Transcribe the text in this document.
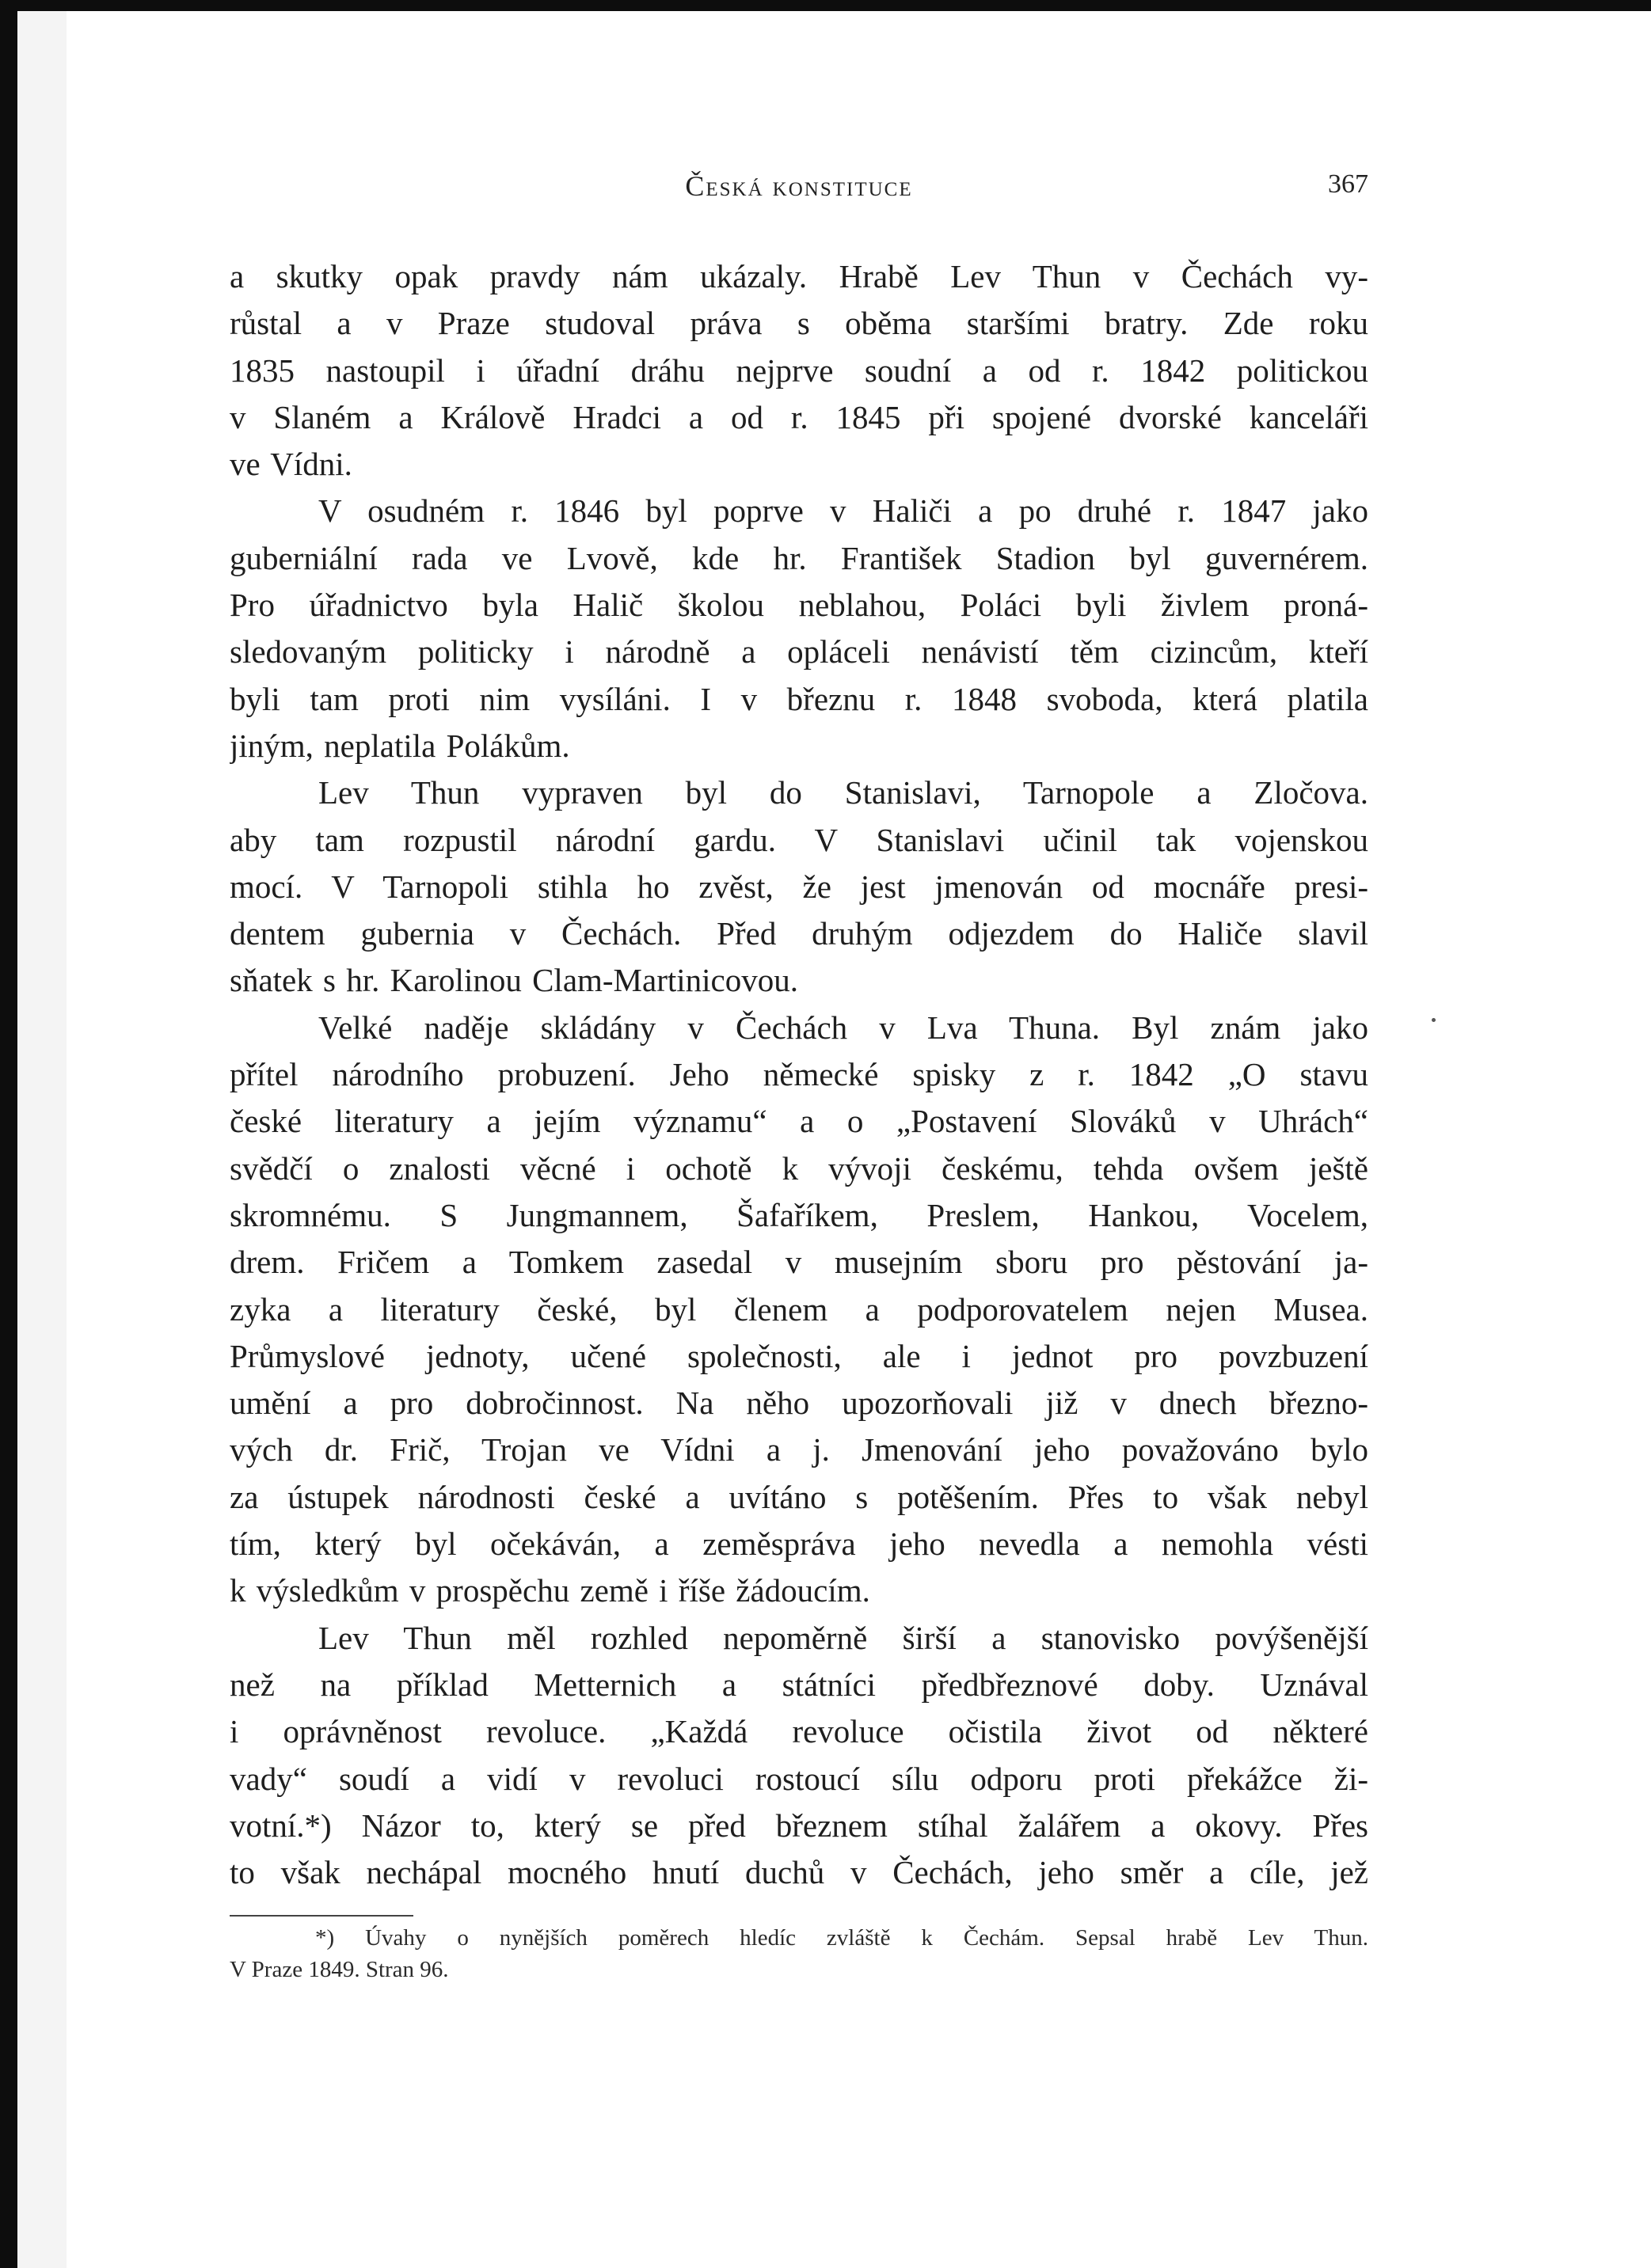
Česká konstituce	367

a skutky opak pravdy nám ukázaly. Hrabě Lev Thun v Čechách vy-
růstal a v Praze studoval práva s oběma staršími bratry. Zde roku
1835 nastoupil i úřadní dráhu nejprve soudní a od r. 1842 politickou
v Slaném a Králově Hradci a od r. 1845 při spojené dvorské kanceláři
ve Vídni.

V osudném r. 1846 byl poprve v Haliči a po druhé r. 1847 jako
guberniální rada ve Lvově, kde hr. František Stadion byl guvernérem.
Pro úřadnictvo byla Halič školou neblahou, Poláci byli živlem proná-
sledovaným politicky i národně a opláceli nenávistí těm cizincům, kteří
byli tam proti nim vysíláni. I v březnu r. 1848 svoboda, která platila
jiným, neplatila Polákům.

Lev Thun vypraven byl do Stanislavi, Tarnopole a Zločova.
aby tam rozpustil národní gardu. V Stanislavi učinil tak vojenskou
mocí. V Tarnopoli stihla ho zvěst, že jest jmenován od mocnáře presi-
dentem gubernia v Čechách. Před druhým odjezdem do Haliče slavil
sňatek s hr. Karolinou Clam-Martinicovou.

Velké naděje skládány v Čechách v Lva Thuna. Byl znám jako
přítel národního probuzení. Jeho německé spisky z r. 1842 „O stavu
české literatury a jejím významu“ a o „Postavení Slováků v Uhrách“
svědčí o znalosti věcné i ochotě k vývoji českému, tehda ovšem ještě
skromnému. S Jungmannem, Šafaříkem, Preslem, Hankou, Vocelem,
drem. Fričem a Tomkem zasedal v musejním sboru pro pěstování ja-
zyka a literatury české, byl členem a podporovatelem nejen Musea.
Průmyslové jednoty, učené společnosti, ale i jednot pro povzbuzení
umění a pro dobročinnost. Na něho upozorňovali již v dnech březno-
vých dr. Frič, Trojan ve Vídni a j. Jmenování jeho považováno bylo
za ústupek národnosti české a uvítáno s potěšením. Přes to však nebyl
tím, který byl očekáván, a zeměspráva jeho nevedla a nemohla vésti
k výsledkům v prospěchu země i říše žádoucím.

Lev Thun měl rozhled nepoměrně širší a stanovisko povýšenější
než na příklad Metternich a státníci předbřeznové doby. Uznával
i oprávněnost revoluce. „Každá revoluce očistila život od některé
vady“ soudí a vidí v revoluci rostoucí sílu odporu proti překážce ži-
votní.*) Názor to, který se před březnem stíhal žalářem a okovy. Přes
to však nechápal mocného hnutí duchů v Čechách, jeho směr a cíle, jež

*) Úvahy o nynějších poměrech hledíc zvláště k Čechám. Sepsal hrabě Lev Thun.
V Praze 1849. Stran 96.
